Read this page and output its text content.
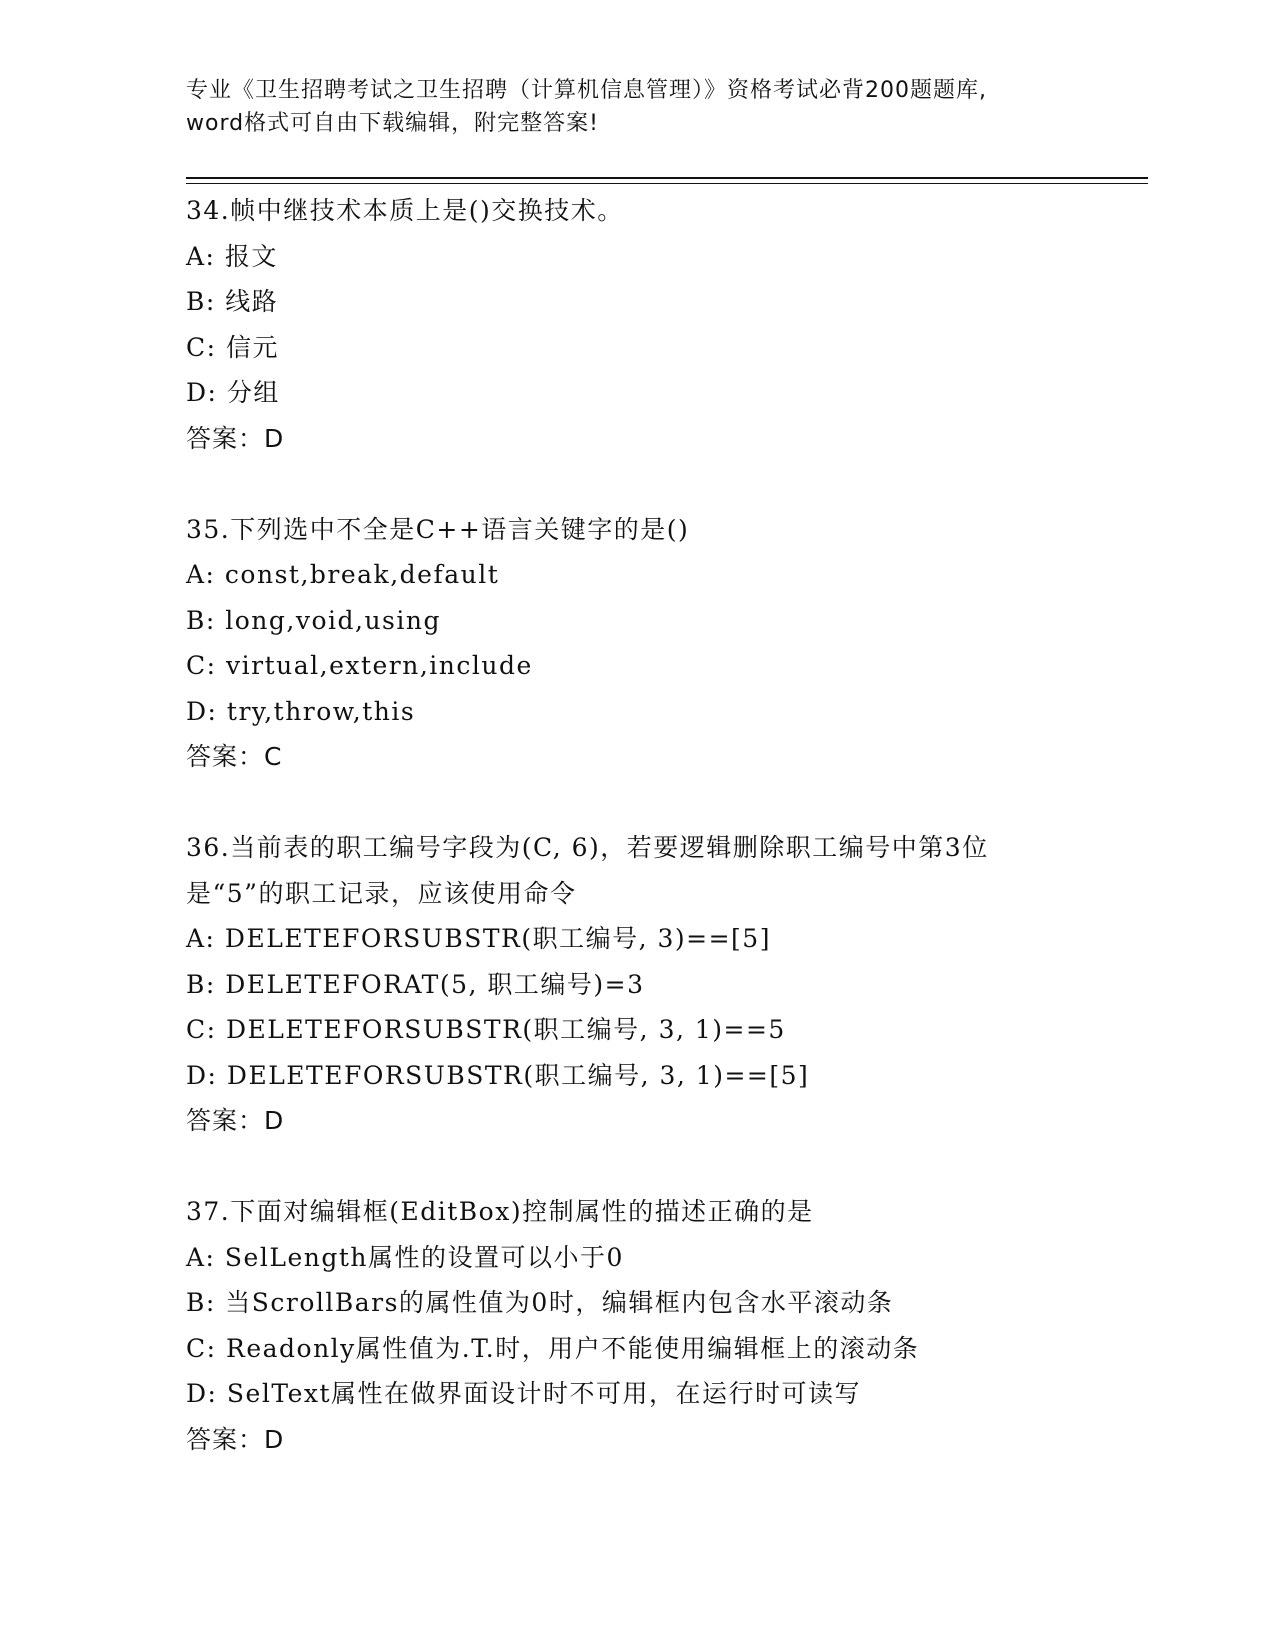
专业《卫生招聘考试之卫生招聘（计算机信息管理）》资格考试必背200题题库,
word格式可自由下载编辑，附完整答案!
34.帧中继技术本质上是()交换技术。
A: 报文
B: 线路
C: 信元
D: 分组
答案：D
35.下列选中不全是C++语言关键字的是()
A: const,break,default
B: long,void,using
C: virtual,extern,include
D: try,throw,this
答案：C
36.当前表的职工编号字段为(C, 6)，若要逻辑删除职工编号中第3位
是“5”的职工记录，应该使用命令
A: DELETEFORSUBSTR(职工编号, 3)==[5]
B: DELETEFORAT(5, 职工编号)=3
C: DELETEFORSUBSTR(职工编号, 3, 1)==5
D: DELETEFORSUBSTR(职工编号, 3, 1)==[5]
答案：D
37.下面对编辑框(EditBox)控制属性的描述正确的是
A: SelLength属性的设置可以小于0
B: 当ScrollBars的属性值为0时，编辑框内包含水平滚动条
C: Readonly属性值为.T.时，用户不能使用编辑框上的滚动条
D: SelText属性在做界面设计时不可用，在运行时可读写
答案：D
